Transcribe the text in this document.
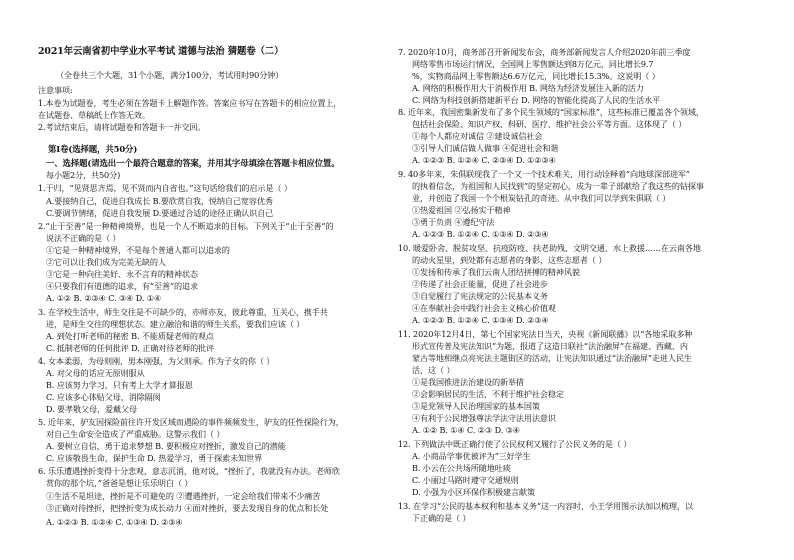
2021年云南省初中学业水平考试 道德与法治 猜题卷（二）
（全卷共三个大题，31个小题，满分100分，考试用时90分钟）
注意事项:
1.本卷为试题卷，考生必须在答题卡上解题作答。答案应书写在答题卡的相应位置上，
在试题卷、草稿纸上作答无效。
2.考试结束后，请将试题卷和答题卡一并交回。
第Ⅰ卷(选择题，共50分)
一、选择题(请选出一个最符合题意的答案，并用其字母填涂在答题卡相应位置。
每小题2分，共50分)
1.于归，“见贤思齐焉，见不贤而内自省也。”这句话给我们的启示是（ ）
A.要接纳自己，促进自我成长 B.要欣赏自我，悦纳自己宽容优秀
C.要调节情绪，促进自我发展 D.要通过合适的途径正确认识自己
2.“止于至善”是一种精神境界，也是一个人不断追求的目标。下列关于“止于至善”的
说法不正确的是（ ）
①它是一种精神境界，不是每个普通人都可以追求的
②它可以让我们成为完美无缺的人
③它是一种向往美好、永不言弃的精神状态
④只要我们有道德的追求，有“至善”的追求
A. ①② B. ②③④ C. ③④ D. ①④
3. 在学校生活中，师生交往是不可缺少的，亦师亦友，彼此尊重，互关心、携手共
进，是师生交往的理想状态。建立融洽和谐的师生关系，要我们应该（ ）
A. 到处打听老师的秘密 B. 不能质疑老师的观点
C. 抵制老师的任何批评 D. 正确对待老师的批评
4. 女本柔弱，为母则刚，男本刚强，为父则承。作为子女的你（ ）
A. 对父母的话应无原则服从
B. 应该努力学习，只有考上大学才算报恩
C. 应该多心体贴父母，消除隔阂
D. 要孝敬父母，爱戴父母
5. 近年来，驴友因探险前往许开发区域而遇险的事件频频发生，驴友的任性探险行为，
对自己生命安全造成了严重威胁。这警示我们（ ）
A. 要树立自信，勇于追求梦想 B. 要积极应对挫折，激发自己的潜能
C. 应该敬畏生命，保护生命 D. 热爱学习，勇于探索未知世界
6. 乐乐遭遇挫折变得十分悲观，意志沉消，他对说，“挫折了，我就没有办法。老师欣
赏你的那个坑，”爸爸是想让乐乐明白（ ）
①生活不是坦途，挫折是不可避免的 ②遭遇挫折，一定会给我们带来不少痛苦
③正确对待挫折，把挫折变为成长动力 ④面对挫折，要去发现自身的优点和长处
A. ①②③ B. ①②④ C. ①③④ D. ②③④
7. 2020年10月，商务部召开新闻发布会，商务部新闻发言人介绍2020年前三季度
网络零售市场运行情况，全国网上零售额达到8万亿元，同比增长9.7
%，实物商品网上零售额达6.6万亿元，同比增长15.3%。这说明（ ）
A. 网络的积极作用大于消极作用 B. 网络为经济发展注入新的活力
C. 网络为科技创新搭建新平台 D. 网络的智能化提高了人民的生活水平
8. 近年来，我国密集新发布了多个民生领域的“国家标准”，这些标准已覆盖各个领域，
包括社会保险、知识产权、科研、医疗、维护社会公平等方面。这体现了（ ）
①每个人都应对诚信 ②建设诚信社会
③引导人们诚信做人做事 ④促进社会和谐
A. ①②③ B. ①②④ C. ②③④ D. ①②③④
9. 40多年来，朱俱联现我了一个又一个技术难关，用行动诠释着“向地球深部进军”
的执着信念，为祖国和人民找到”的坚定初心，成为一辈子部献给了我这些的钻探事
业，并创造了我国一个个根炭钻孔的奇迹。从中我们可以学到朱俱联（ ）
①热爱祖国 ②弘扬实干精神
③勇于负责 ④遵纪守法
A. ①②③ B. ①②④ C. ①③④ D. ②③④
10. 暖爱卧舍、脱贫攻坚、抗疫防疫、扶老助残、文明交通、水上救援……在云南各地
的动火星里，到处都有志愿者的身影，这些志愿者（ ）
①发扬和传承了我们云南人团结拼搏的精神风貌
②传递了社会正能量，促进了社会进步
③自觉履行了宪法规定的公民基本义务
④在奉献社会中践行社会主义核心价值观
A. ①②③ B. ①②④ C. ①③④ D. ②③④
11. 2020年12月4日，第七个国家宪法日当天，央视《新闻联播》以“各地采取多种
形式宣传普及宪法知识”为题，报道了这造日联社“法治融屏”在福建、西藏、内
蒙古等地相继点亮宪法主题街区的活动，让宪法知识通过“法治融屏”走进人民生
活，这（ ）
①是我国推进法治建设的新举措
②会影响居民的生活，不利于维护社会稳定
③是党领导人民治理国家的基本国策
④有利于公民增强尊法学法守法用法意识
A. ①② B. ①④ C. ②③ D. ③④
12. 下列做法中既正确行使了公民权利又履行了公民义务的是（ ）
A. 小商品学事优被评为“三好学生
B. 小云在公共场所随地吐痰
C. 小丽过马路时遵守交通规则
D. 小强为小区环保作积极建言献策
13. 在学习“公民的基本权利和基本义务”这一内容时，小王学用图示法加以梳理，以
下正确的是（ ）
